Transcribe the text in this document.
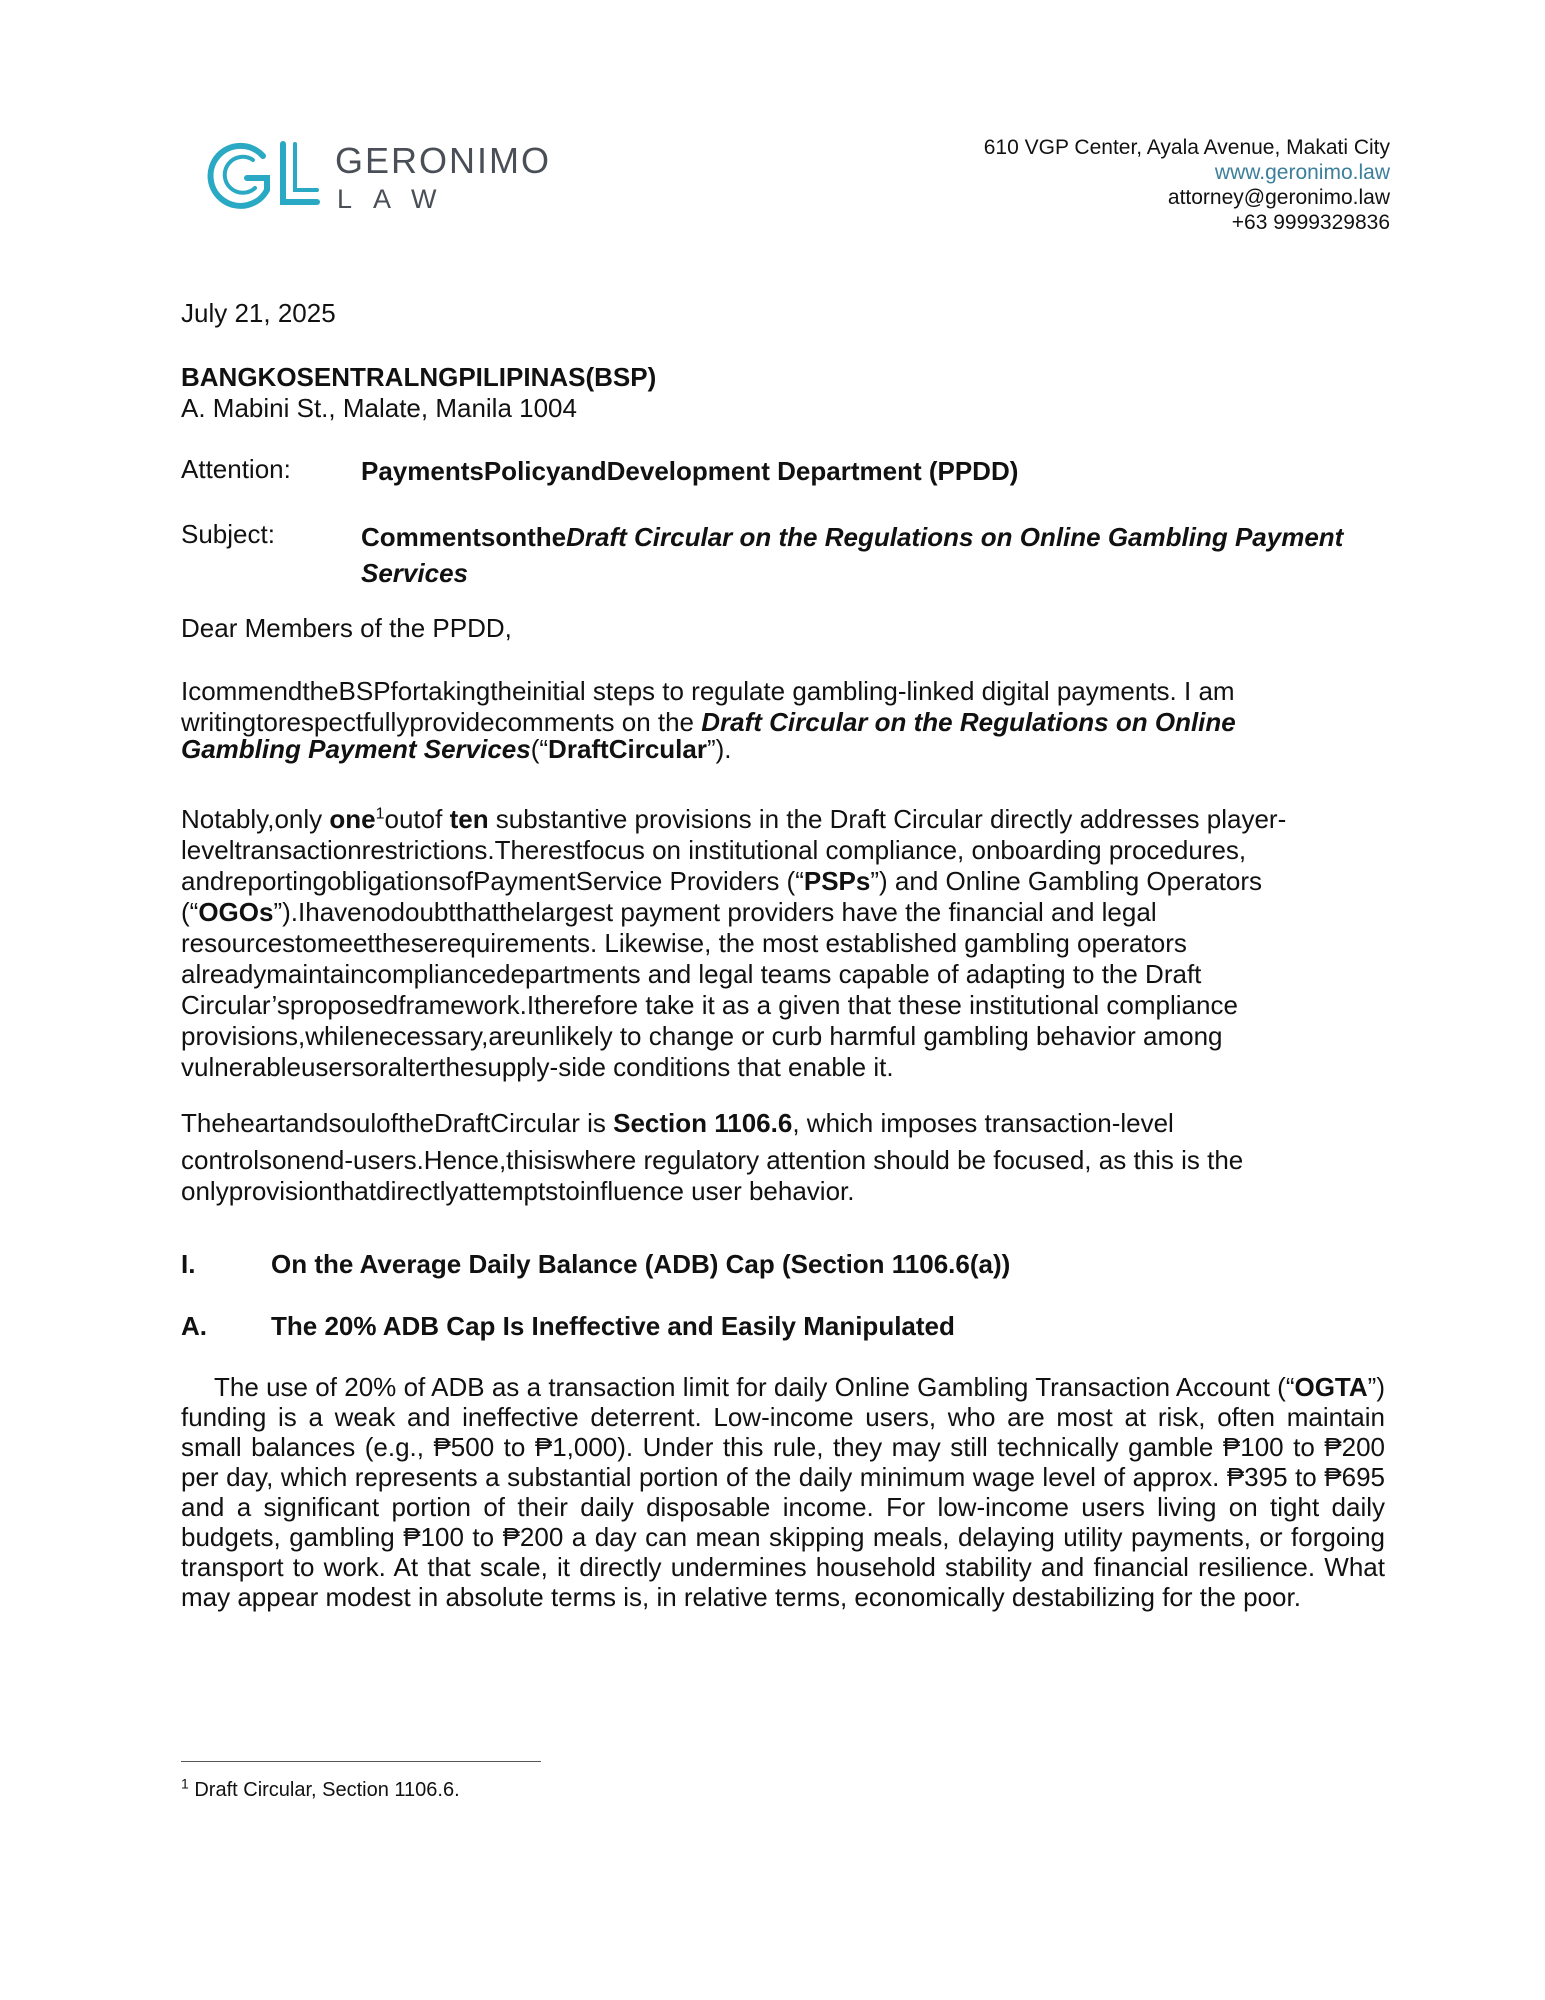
GERONIMO
LAW
610 VGP Center, Ayala Avenue, Makati City
www.geronimo.law
attorney@geronimo.law
+63 9999329836
July 21, 2025
BANGKOSENTRALNGPILIPINAS(BSP)
A. Mabini St., Malate, Manila 1004
Attention:	PaymentsPolicyandDevelopment Department (PPDD)
Subject:	CommentsontheDraft Circular on the Regulations on Online Gambling Payment Services
Dear Members of the PPDD,
IcommendtheBSPfortakingtheinitial steps to regulate gambling-linked digital payments. I am
writingtorespectfullyprovidecomments on the Draft Circular on the Regulations on Online
Gambling Payment Services(“DraftCircular”).
Notably,only one$^1$outof ten substantive provisions in the Draft Circular directly addresses player-
leveltransactionrestrictions.Therestfocus on institutional compliance, onboarding procedures,
andreportingobligationsofPaymentService Providers (“PSPs”) and Online Gambling Operators
(“OGOs”).Ihavenodoubtthatthelargest payment providers have the financial and legal
resourcestomeettheserequirements. Likewise, the most established gambling operators
alreadymaintaincompliancedepartments and legal teams capable of adapting to the Draft
Circular’sproposedframework.Itherefore take it as a given that these institutional compliance
provisions,whilenecessary,areunlikely to change or curb harmful gambling behavior among
vulnerableusersoralterthesupply-side conditions that enable it.
TheheartandsouloftheDraftCircular is Section 1106.6, which imposes transaction-level
controlsonend-users.Hence,thisiswhere regulatory attention should be focused, as this is the
onlyprovisionthatdirectlyattemptstoinfluence user behavior.
I.	On the Average Daily Balance (ADB) Cap (Section 1106.6(a))
A. The 20% ADB Cap Is Ineffective and Easily Manipulated
The use of 20% of ADB as a transaction limit for daily Online Gambling Transaction Account (“OGTA”) funding is a weak and ineffective deterrent. Low-income users, who are most at risk, often maintain small balances (e.g., ₱500 to ₱1,000). Under this rule, they may still technically gamble ₱100 to ₱200 per day, which represents a substantial portion of the daily minimum wage level of approx. ₱395 to ₱695 and a significant portion of their daily disposable income. For low-income users living on tight daily budgets, gambling ₱100 to ₱200 a day can mean skipping meals, delaying utility payments, or forgoing transport to work. At that scale, it directly undermines household stability and financial resilience. What may appear modest in absolute terms is, in relative terms, economically destabilizing for the poor.
$^1$ Draft Circular, Section 1106.6.
